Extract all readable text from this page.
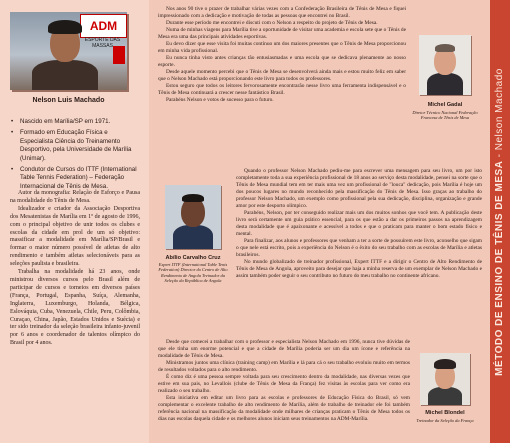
ADM
ESPORTE DAS MASSAS
Nelson Luis Machado
• Nascido em Marília/SP em 1971.
• Formado em Educação Física e Especialista Ciência do Treinamento Desportivo, pela Universidade de Marília (Unimar).
• Condutor de Cursos do ITTF (International Table Tennis Federation) – Federação Internacional de Tênis de Mesa.

Autor da monografia: Relação de Esforço e Pausa na modalidade do Tênis de Mesa.

Idealizador e criador da Associação Desportiva dos Mesatenistas de Marília em 1º de agosto de 1996, com o principal objetivo de unir todos os clubes e escolas da cidade em prol de um só objetivo: massificar a modalidade em Marília/SP/Brasil e formar o maior número possível de atletas de alto rendimento e também atletas selecionáveis para as seleções paulista e brasileira.

Trabalha na modalidade há 23 anos, onde ministrou diversos cursos pelo Brasil além de participar de cursos e torneios em diversos países (França, Portugal, Espanha, Suíça, Alemanha, Inglaterra, Luxemburgo, Holanda, Bélgica, Eslováquia, Cuba, Venezuela, Chile, Peru, Colômbia, Curaçao, China, Japão, Estados Unidos e Suécia) e ter sido treinador da seleção brasileira infanto-juvenil por 6 anos e coordenador de talentos olímpico do Brasil por 4 anos.

Nos anos 90 tive o prazer de trabalhar várias vezes com a Confederação Brasileira de Tênis de Mesa e fiquei impressionado com a dedicação e motivação de todas as pessoas que encontrei no Brasil.

Durante esse período me encontrei e discuti com o Nelson a respeito do projeto de Tênis de Mesa.

Numa de minhas viagens para Marília tive a oportunidade de visitar uma academia e escola sete que o Tênis de Mesa era uma das principais atividades esportivas.

Eu devo dizer que esse visita foi muitas contínuo um dos maiores presentes que o Tênis de Mesa proporcionou em minha vida profissional.

Eu nunca tinha visto antes crianças tão entusiasmadas e uma escola que se dedicava plenamente ao nosso esporte.

Desde aquele momento percebi que o Tênis de Mesa se desenvolverá ainda mais e estou muito feliz em saber que o Nelson Machado está proporcionando este livro para todos os professores.

Estou seguro que todos os leitores fervorosamente encontrarão nesse livro uma ferramenta indispensável e o Tênis de Mesa continuará a crescer nesse fantástico Brasil.

Parabéns Nelson e votos de sucesso para o futuro.

Michel Gadal
Diretor Técnico Nacional Federação Francesa de Tênis de Mesa
Abílio Carvalho Cruz
Expert ITTF (International Table Tenis Federation) Director do Centro de Alto Rendimento de Angola Treinador da Seleção da República de Angola

Quando o professor Nelson Machado pediu-me para escrever uma mensagem para seu livro, um por isto completamente toda a sua experiência profissional de 18 anos ao serviço desta modalidade, pensei na sorte que o Tênis de Mesa mundial tem em ter mais uma vez um profissional de "louca" dedicação, pois Marília é hoje um dos poucos lugares no mundo reconhecido pela massificação do Tênis de Mesa. Isso graças ao trabalho do professor Nelson Machado, um exemplo como profissional pela sua dedicação, disciplina, organização e grande amor por este desporto olímpico.

Parabéns, Nelson, por ter conseguido realizar mais um dos muitos sonhos que você tem. A publicação deste livro será certamente um guia prático essencial, para os que estão a dar os primeiros passos na aprendizagem desta modalidade que é apaixonante e acessível a todos e que o praticam para manter o bom estado físico e mental.

Para finalizar, aos alunos e professores que venham a ter a sorte de possuírem este livro, aconselho que sigam o que nele está escrito, pois a experiência do Nelson é o êxito do seu trabalho com as escolas de Marília e atletas brasileiros.

No mundo globalizado de treinador profissional, Expert ITTF e a dirigir o Centro de Alto Rendimento de Tênis de Mesa de Angola, aproveito para desejar que haja a minha reserva de um exemplar de Nelson Machado e assim também poder seguir o seu contributo no futuro do meu trabalho no continente africano.

Desde que comecei a trabalhar com o professor e especialista Nelson Machado em 1996, nunca tive dúvidas de que ele tinha um enorme potencial e que a cidade de Marília poderia ser um dia um ícone e referência na modalidade de Tênis de Mesa.

Ministramos juntos uma clínica (training camp) em Marília e lá para cá o seu trabalho evoluiu muito em termos de resultados voltados para o alto rendimento.

É como diz é uma pessoa sempre voltada para seu crescimento dentro da modalidade, nas diversas vezes que estive em sua pais, no Levallois (clube de Tênis de Mesa da França) fez visitas às escolas para ver como era realizado o seu trabalho.

Esta iniciativa em editar um livro para as escolas e professores de Educação Física do Brasil, só vem complementar o excelente trabalho de alto rendimento de Marília, além de trabalho de treinador ele foi também referência nacional na massificação da modalidade onde milhares de crianças praticam o Tênis de Mesa todos os dias nas escolas daquela cidade e os melhores alunos iniciam seus treinamentos na ADM-Marília.

Michel Blondel
Treinador da Seleção da França
MÉTODO DE ENSINO DE TÊNIS DE MESA - Nelson Machado
